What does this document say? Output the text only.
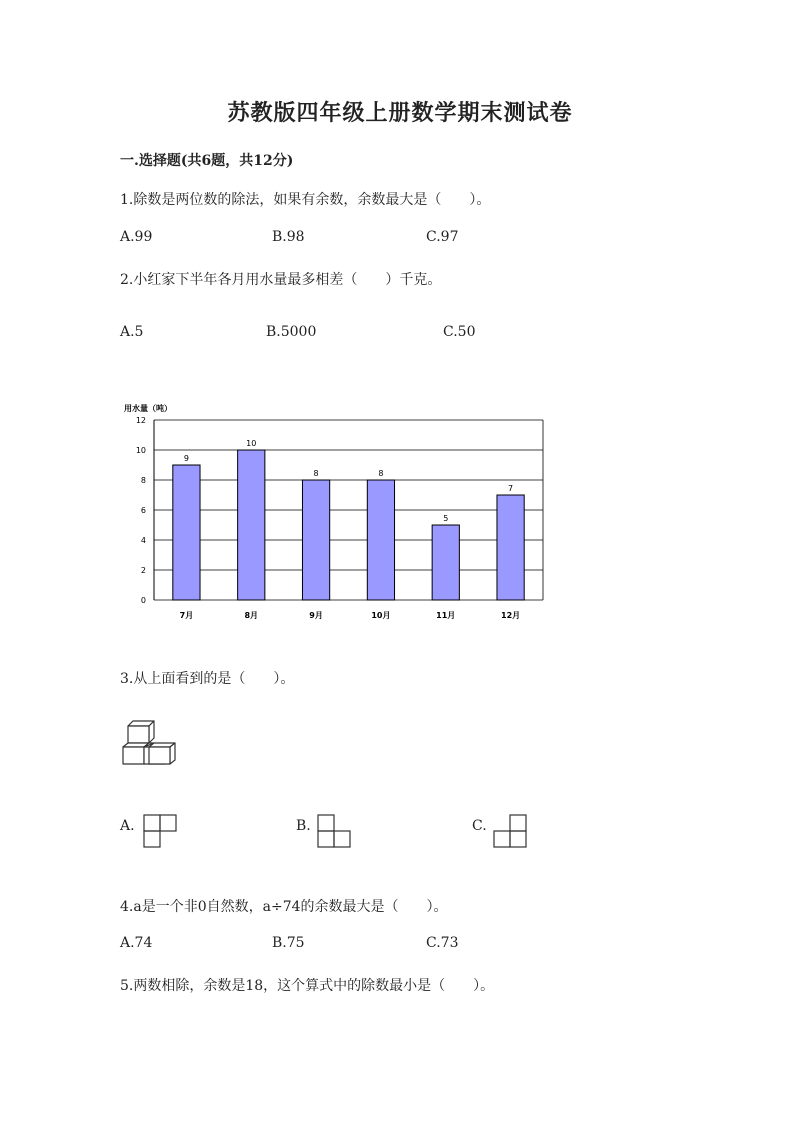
苏教版四年级上册数学期末测试卷
一.选择题(共6题，共12分)
1.除数是两位数的除法，如果有余数，余数最大是（　　）。
A.99	B.98	C.97
2.小红家下半年各月用水量最多相差（　　）千克。
A.5	B.5000	C.50
用水量（吨）
0
2
4
6
8
10
12
7月	8月	9月	10月	11月	12月
9
10
8	8
5
7
3.从上面看到的是（　　）。
A.	B.	C.
4.a是一个非0自然数，a÷74的余数最大是（　　）。
A.74	B.75	C.73
5.两数相除，余数是18，这个算式中的除数最小是（　　）。
